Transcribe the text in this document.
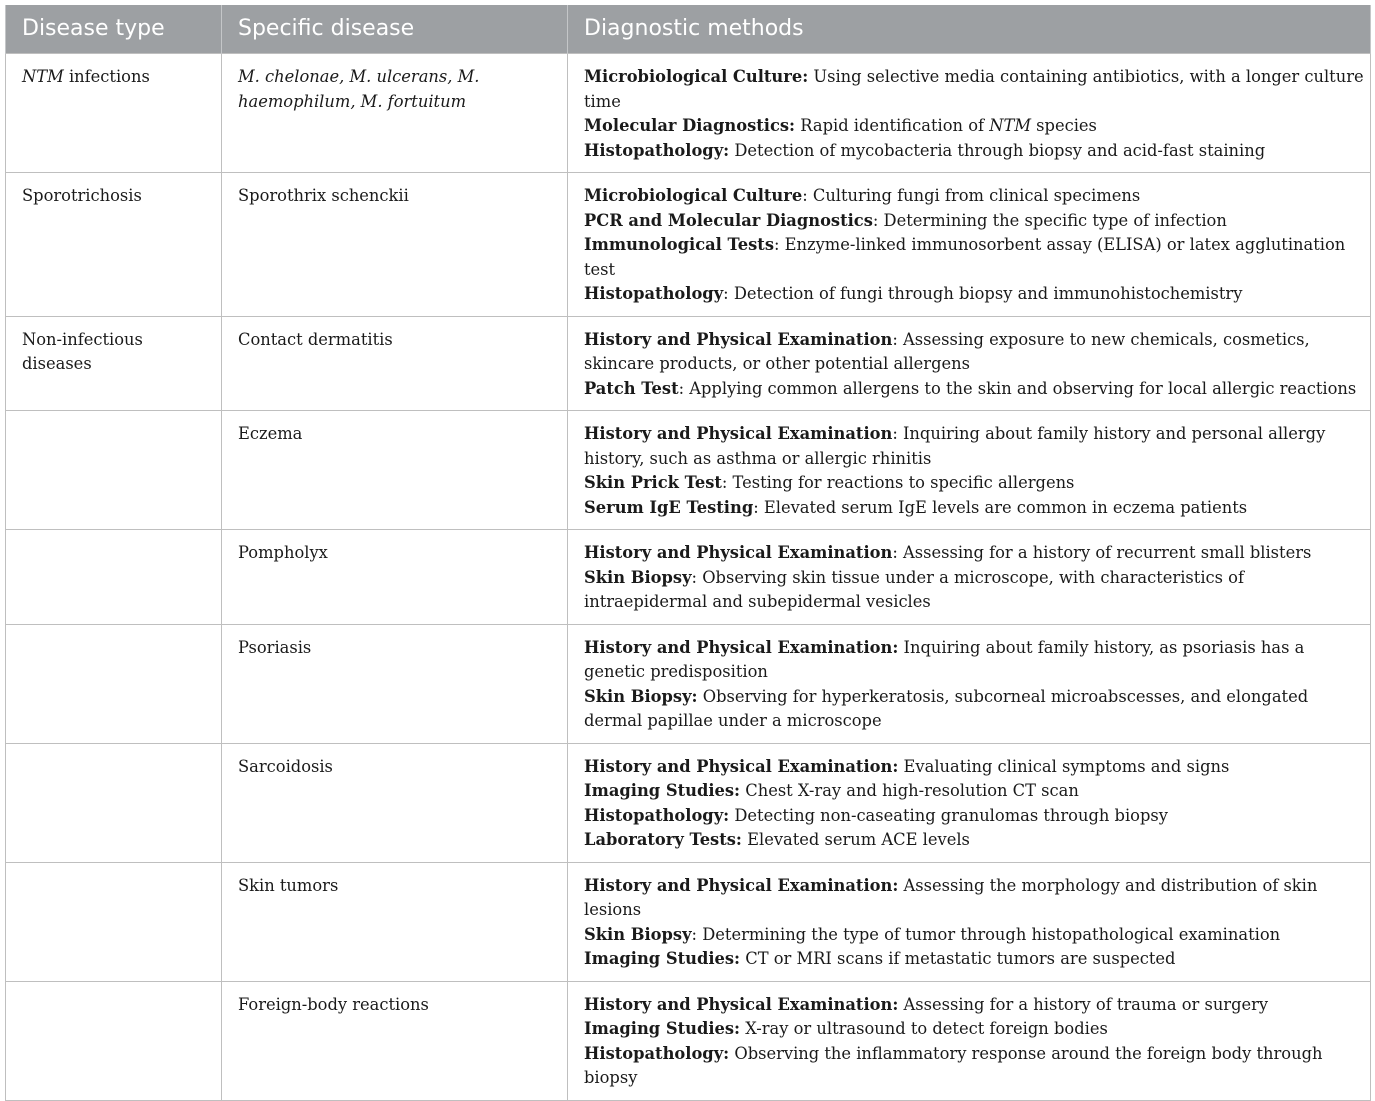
Disease type	Specific disease	Diagnostic methods
NTM infections	M. chelonae, M. ulcerans, M. haemophilum, M. fortuitum	Microbiological Culture: Using selective media containing antibiotics, with a longer culture time
Molecular Diagnostics: Rapid identification of NTM species
Histopathology: Detection of mycobacteria through biopsy and acid-fast staining

Sporotrichosis	Sporothrix schenckii	Microbiological Culture: Culturing fungi from clinical specimens
PCR and Molecular Diagnostics: Determining the specific type of infection
Immunological Tests: Enzyme-linked immunosorbent assay (ELISA) or latex agglutination test
Histopathology: Detection of fungi through biopsy and immunohistochemistry

Non-infectious diseases	Contact dermatitis	History and Physical Examination: Assessing exposure to new chemicals, cosmetics, skincare products, or other potential allergens
Patch Test: Applying common allergens to the skin and observing for local allergic reactions

	Eczema	History and Physical Examination: Inquiring about family history and personal allergy history, such as asthma or allergic rhinitis
Skin Prick Test: Testing for reactions to specific allergens
Serum IgE Testing: Elevated serum IgE levels are common in eczema patients

	Pompholyx	History and Physical Examination: Assessing for a history of recurrent small blisters
Skin Biopsy: Observing skin tissue under a microscope, with characteristics of intraepidermal and subepidermal vesicles

	Psoriasis	History and Physical Examination: Inquiring about family history, as psoriasis has a genetic predisposition
Skin Biopsy: Observing for hyperkeratosis, subcorneal microabscesses, and elongated dermal papillae under a microscope

	Sarcoidosis	History and Physical Examination: Evaluating clinical symptoms and signs
Imaging Studies: Chest X-ray and high-resolution CT scan
Histopathology: Detecting non-caseating granulomas through biopsy
Laboratory Tests: Elevated serum ACE levels

	Skin tumors	History and Physical Examination: Assessing the morphology and distribution of skin lesions
Skin Biopsy: Determining the type of tumor through histopathological examination
Imaging Studies: CT or MRI scans if metastatic tumors are suspected

	Foreign-body reactions	History and Physical Examination: Assessing for a history of trauma or surgery
Imaging Studies: X-ray or ultrasound to detect foreign bodies
Histopathology: Observing the inflammatory response around the foreign body through biopsy
